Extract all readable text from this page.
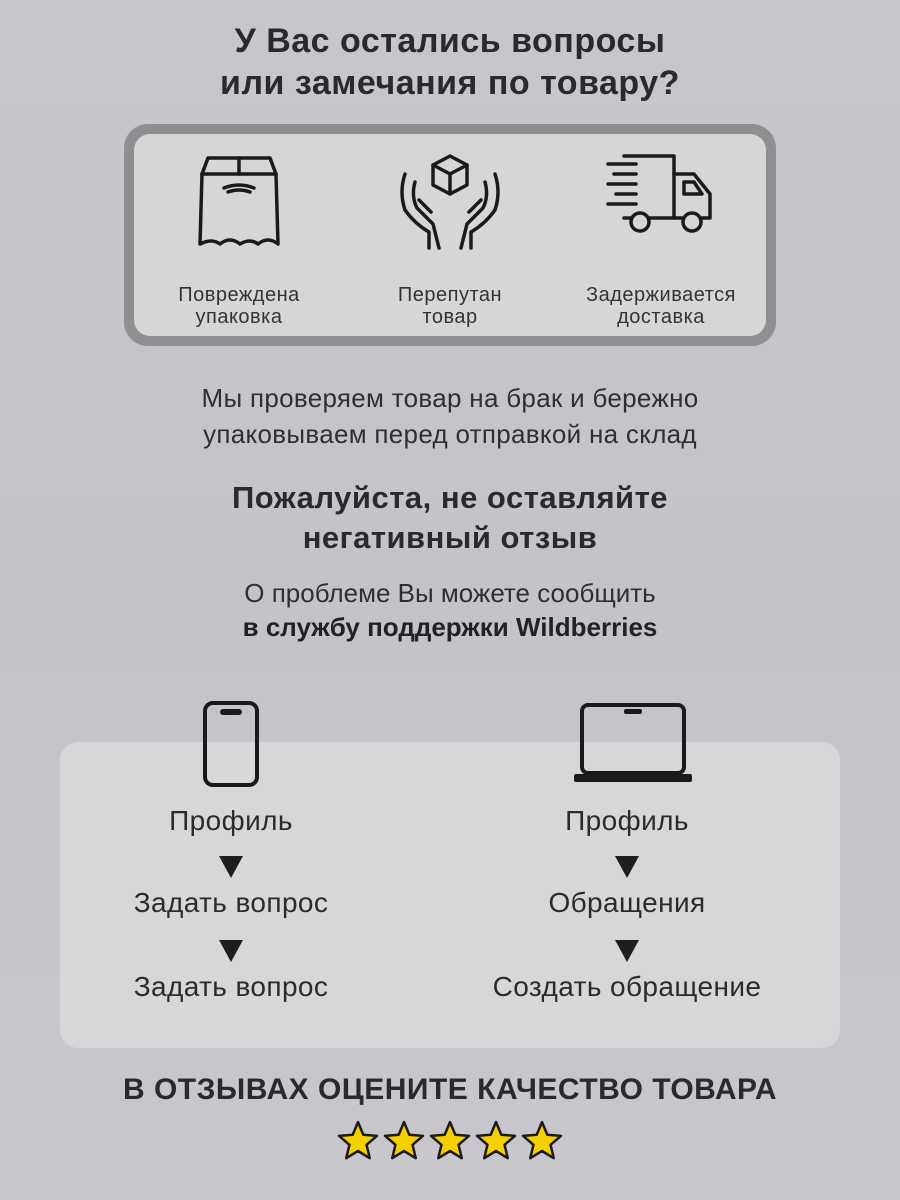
У Вас остались вопросы
или замечания по товару?
Повреждена
упаковка
Перепутан
товар
Задерживается
доставка
Мы проверяем товар на брак и бережно
упаковываем перед отправкой на склад
Пожалуйста, не оставляйте
негативный отзыв
О проблеме Вы можете сообщить
в службу поддержки Wildberries
Профиль
Задать вопрос
Задать вопрос
Профиль
Обращения
Создать обращение
В ОТЗЫВАХ ОЦЕНИТЕ КАЧЕСТВО ТОВАРА
